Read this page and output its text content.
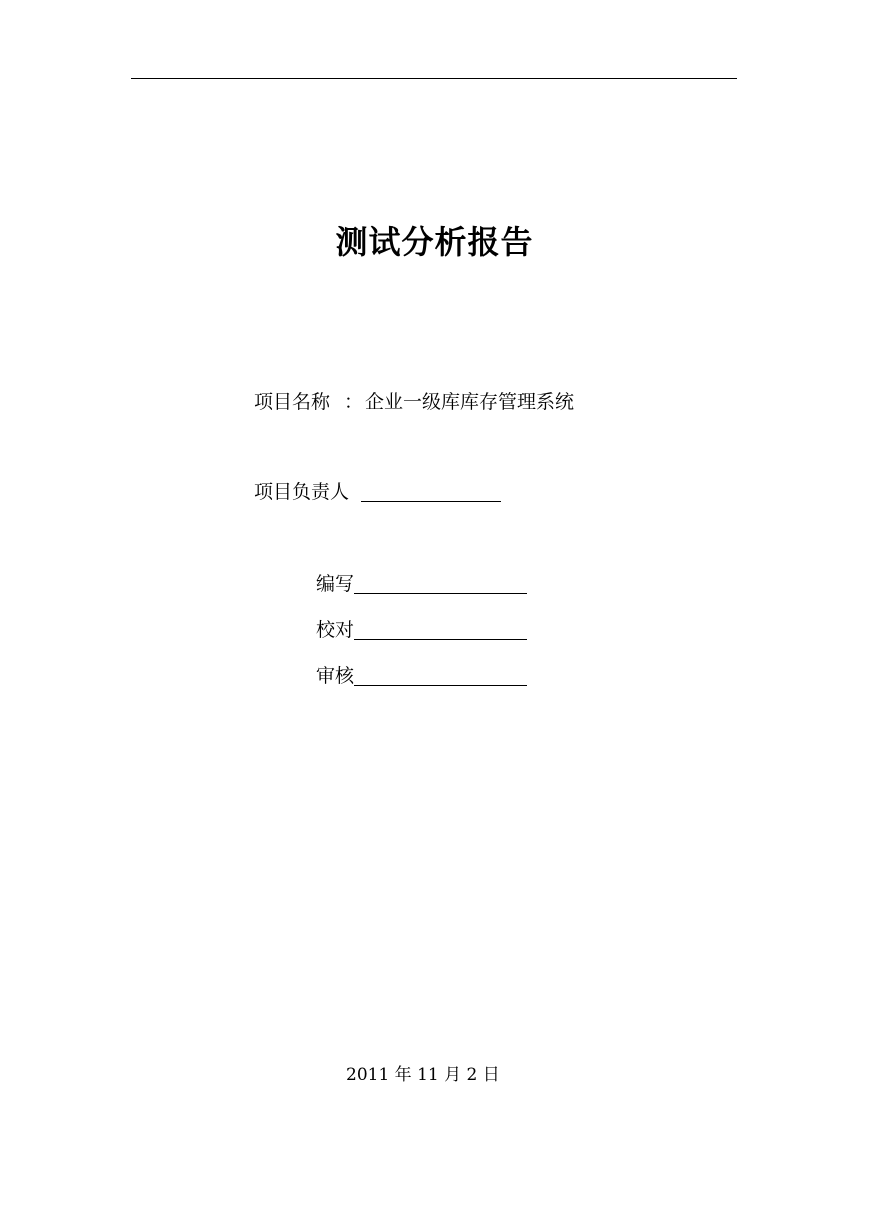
测试分析报告
项目名称 ： 企业一级库库存管理系统
项目负责人
编写
校对
审核
2011 年 11 月 2 日
